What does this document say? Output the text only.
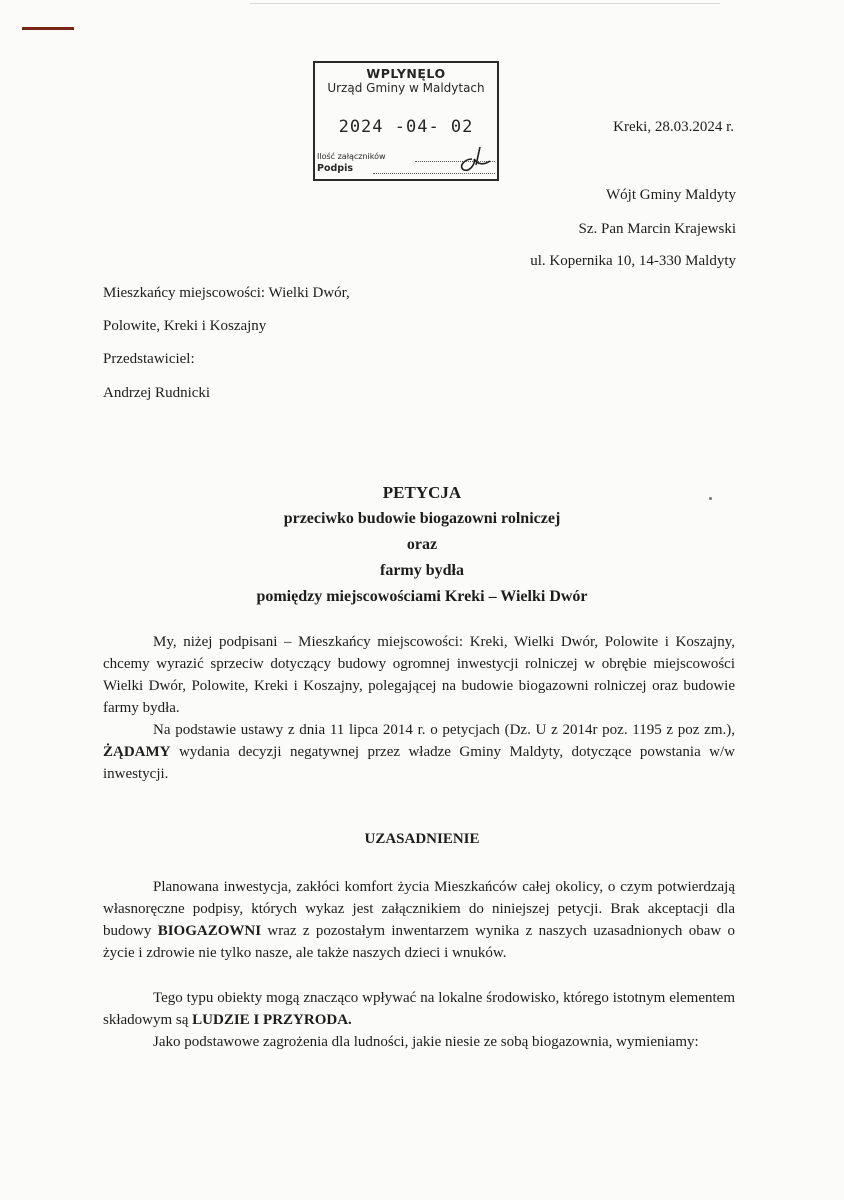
WPLYNĘLO
Urząd Gminy w Maldytach
2024 -04- 02
Ilość załączników
Podpis
Kreki, 28.03.2024 r.
Wójt Gminy Maldyty
Sz. Pan Marcin Krajewski
ul. Kopernika 10, 14-330 Maldyty
Mieszkańcy miejscowości: Wielki Dwór,
Polowite, Kreki i Koszajny
Przedstawiciel:
Andrzej Rudnicki
PETYCJA
przeciwko budowie biogazowni rolniczej
oraz
farmy bydła
pomiędzy miejscowościami Kreki – Wielki Dwór
My, niżej podpisani – Mieszkańcy miejscowości: Kreki, Wielki Dwór, Polowite i Koszajny, chcemy wyrazić sprzeciw dotyczący budowy ogromnej inwestycji rolniczej w obrębie miejscowości Wielki Dwór, Polowite, Kreki i Koszajny, polegającej na budowie biogazowni rolniczej oraz budowie farmy bydła.
Na podstawie ustawy z dnia 11 lipca 2014 r. o petycjach (Dz. U z 2014r poz. 1195 z poz zm.), ŻĄDAMY wydania decyzji negatywnej przez władze Gminy Maldyty, dotyczące powstania w/w inwestycji.
UZASADNIENIE
Planowana inwestycja, zakłóci komfort życia Mieszkańców całej okolicy, o czym potwierdzają własnoręczne podpisy, których wykaz jest załącznikiem do niniejszej petycji. Brak akceptacji dla budowy BIOGAZOWNI wraz z pozostałym inwentarzem wynika z naszych uzasadnionych obaw o życie i zdrowie nie tylko nasze, ale także naszych dzieci i wnuków.
Tego typu obiekty mogą znacząco wpływać na lokalne środowisko, którego istotnym elementem składowym są LUDZIE I PRZYRODA.
Jako podstawowe zagrożenia dla ludności, jakie niesie ze sobą biogazownia, wymieniamy:
